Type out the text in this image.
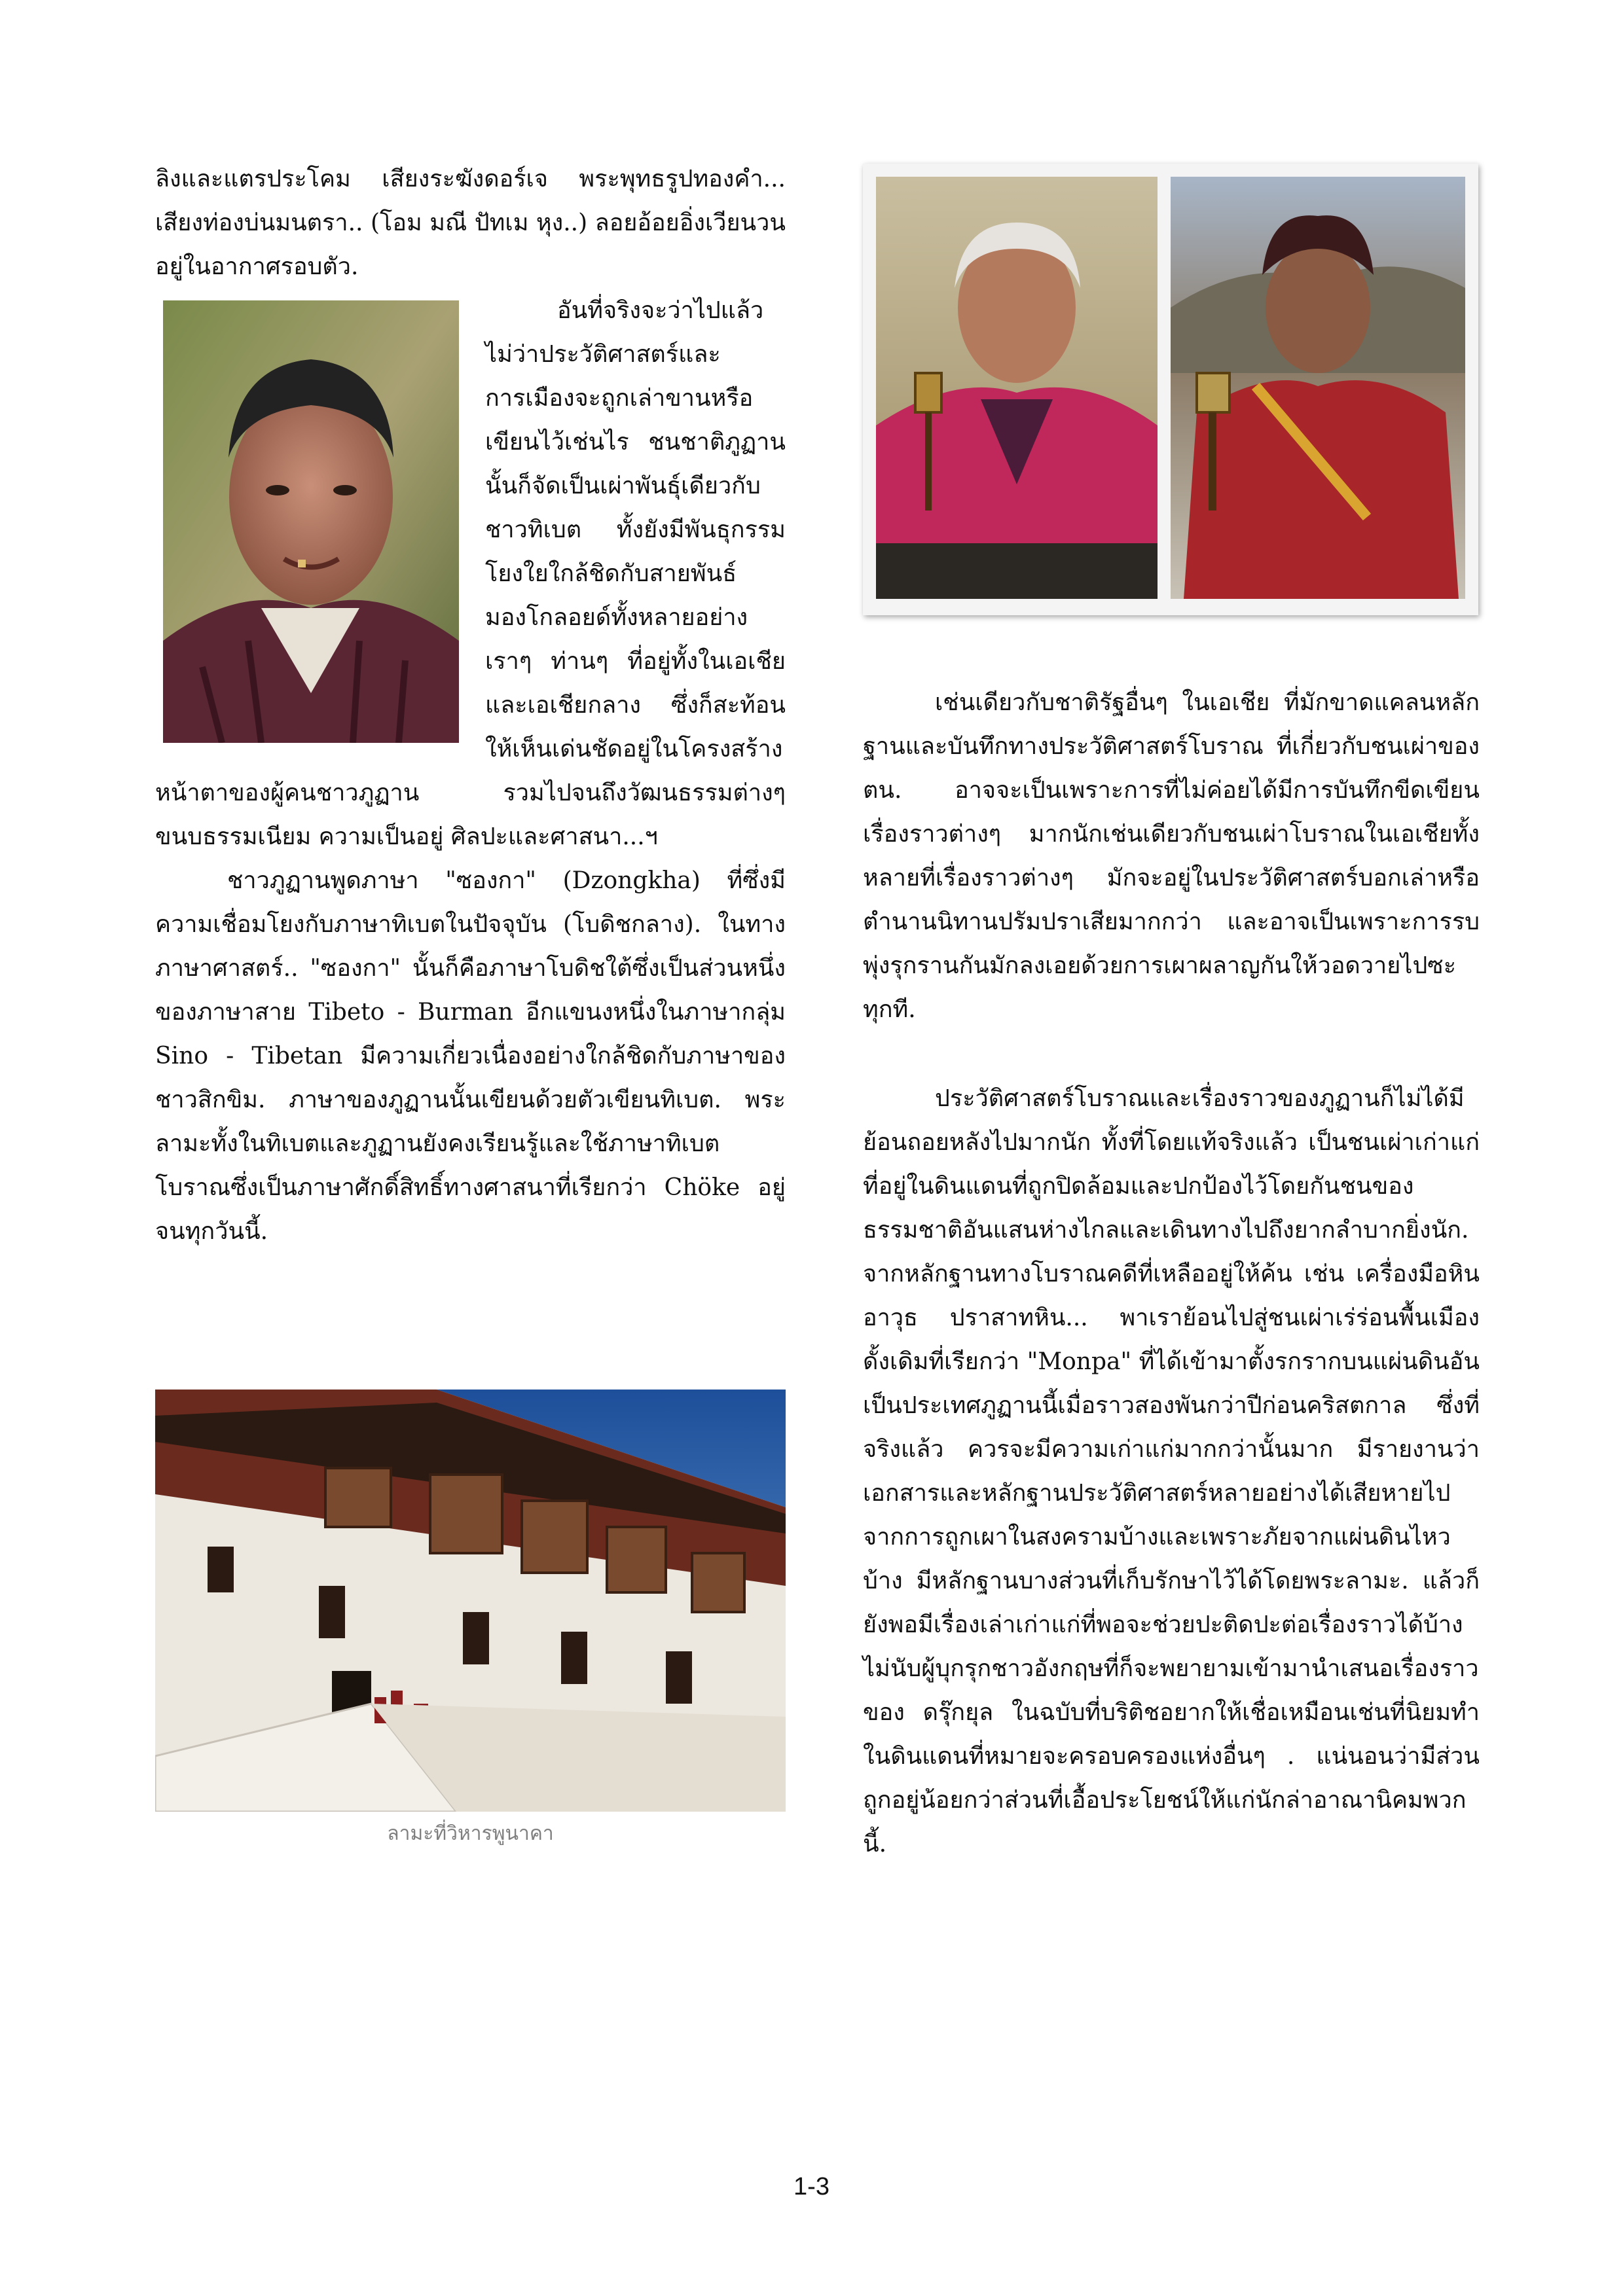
ลิงและแตรประโคม เสียงระฆังดอร์เจ พระพุทธรูปทองคำ... เสียงท่องบ่นมนตรา.. (โอม มณี ปัทเม หุง..) ลอยอ้อยอิ่งเวียนวนอยู่ในอากาศรอบตัว.

อันที่จริงจะว่าไปแล้ว ไม่ว่าประวัติศาสตร์และการเมืองจะถูกเล่าขานหรือเขียนไว้เช่นไร ชนชาติภูฏานนั้นก็จัดเป็นเผ่าพันธุ์เดียวกับชาวทิเบต ทั้งยังมีพันธุกรรมโยงใยใกล้ชิดกับสายพันธ์มองโกลอยด์ทั้งหลายอย่างเราๆ ท่านๆ ที่อยู่ทั้งในเอเชียและเอเชียกลาง ซึ่งก็สะท้อนให้เห็นเด่นชัดอยู่ในโครงสร้างหน้าตาของผู้คนชาวภูฏาน รวมไปจนถึงวัฒนธรรมต่างๆ ขนบธรรมเนียม ความเป็นอยู่ ศิลปะและศาสนา...ฯ

ชาวภูฏานพูดภาษา "ซองกา" (Dzongkha) ที่ซึ่งมีความเชื่อมโยงกับภาษาทิเบตในปัจจุบัน (โบดิชกลาง). ในทางภาษาศาสตร์.. "ซองกา" นั้นก็คือภาษาโบดิชใต้ซึ่งเป็นส่วนหนึ่งของภาษาสาย Tibeto - Burman อีกแขนงหนึ่งในภาษากลุ่ม Sino - Tibetan มีความเกี่ยวเนื่องอย่างใกล้ชิดกับภาษาของชาวสิกขิม. ภาษาของภูฏานนั้นเขียนด้วยตัวเขียนทิเบต. พระลามะทั้งในทิเบตและภูฏานยังคงเรียนรู้และใช้ภาษาทิเบตโบราณซึ่งเป็นภาษาศักดิ์สิทธิ์ทางศาสนาที่เรียกว่า Chöke อยู่จนทุกวันนี้.

ลามะที่วิหารพูนาคา

เช่นเดียวกับชาติรัฐอื่นๆ ในเอเชีย ที่มักขาดแคลนหลักฐานและบันทึกทางประวัติศาสตร์โบราณ ที่เกี่ยวกับชนเผ่าของตน. อาจจะเป็นเพราะการที่ไม่ค่อยได้มีการบันทึกขีดเขียนเรื่องราวต่างๆ มากนักเช่นเดียวกับชนเผ่าโบราณในเอเชียทั้งหลายที่เรื่องราวต่างๆ มักจะอยู่ในประวัติศาสตร์บอกเล่าหรือตำนานนิทานปรัมปราเสียมากกว่า และอาจเป็นเพราะการรบพุ่งรุกรานกันมักลงเอยด้วยการเผาผลาญกันให้วอดวายไปซะทุกที.

ประวัติศาสตร์โบราณและเรื่องราวของภูฏานก็ไม่ได้มีย้อนถอยหลังไปมากนัก ทั้งที่โดยแท้จริงแล้ว เป็นชนเผ่าเก่าแก่ที่อยู่ในดินแดนที่ถูกปิดล้อมและปกป้องไว้โดยกันชนของธรรมชาติอันแสนห่างไกลและเดินทางไปถึงยากลำบากยิ่งนัก. จากหลักฐานทางโบราณคดีที่เหลืออยู่ให้ค้น เช่น เครื่องมือหิน อาวุธ ปราสาทหิน... พาเราย้อนไปสู่ชนเผ่าเร่ร่อนพื้นเมืองดั้งเดิมที่เรียกว่า "Monpa" ที่ได้เข้ามาตั้งรกรากบนแผ่นดินอันเป็นประเทศภูฏานนี้เมื่อราวสองพันกว่าปีก่อนคริสตกาล ซึ่งที่จริงแล้ว ควรจะมีความเก่าแก่มากกว่านั้นมาก มีรายงานว่าเอกสารและหลักฐานประวัติศาสตร์หลายอย่างได้เสียหายไปจากการถูกเผาในสงครามบ้างและเพราะภัยจากแผ่นดินไหวบ้าง มีหลักฐานบางส่วนที่เก็บรักษาไว้ได้โดยพระลามะ. แล้วก็ยังพอมีเรื่องเล่าเก่าแก่ที่พอจะช่วยปะติดปะต่อเรื่องราวได้บ้าง ไม่นับผู้บุกรุกชาวอังกฤษที่ก็จะพยายามเข้ามานำเสนอเรื่องราวของ ดรุ๊กยุล ในฉบับที่บริติชอยากให้เชื่อเหมือนเช่นที่นิยมทำในดินแดนที่หมายจะครอบครองแห่งอื่นๆ . แน่นอนว่ามีส่วนถูกอยู่น้อยกว่าส่วนที่เอื้อประโยชน์ให้แก่นักล่าอาณานิคมพวกนี้.

1-3
